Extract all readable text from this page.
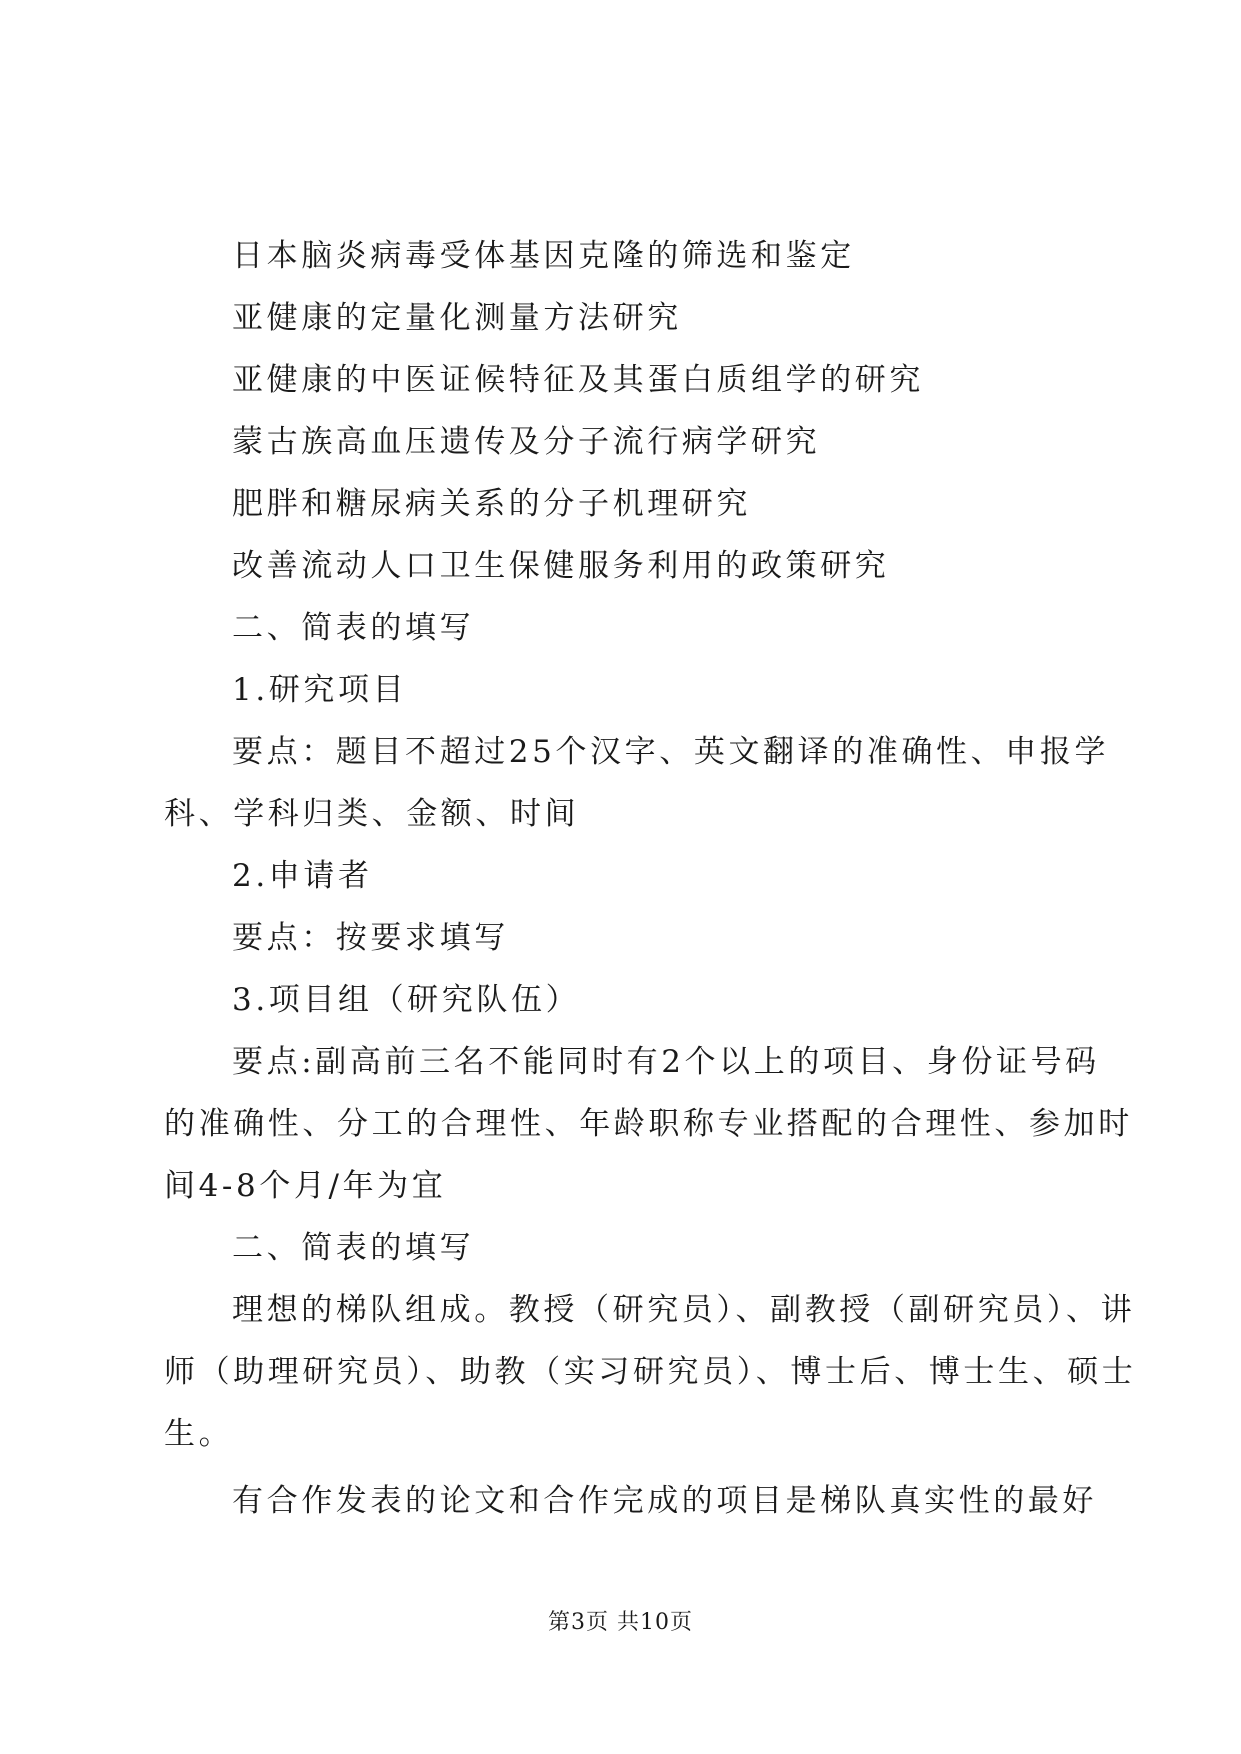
日本脑炎病毒受体基因克隆的筛选和鉴定
亚健康的定量化测量方法研究
亚健康的中医证候特征及其蛋白质组学的研究
蒙古族高血压遗传及分子流行病学研究
肥胖和糖尿病关系的分子机理研究
改善流动人口卫生保健服务利用的政策研究
二、简表的填写
1.研究项目
要点：题目不超过25个汉字、英文翻译的准确性、申报学
科、学科归类、金额、时间
2.申请者
要点：按要求填写
3.项目组（研究队伍）
要点:副高前三名不能同时有2个以上的项目、身份证号码
的准确性、分工的合理性、年龄职称专业搭配的合理性、参加时
间4-8个月/年为宜
二、简表的填写
理想的梯队组成。教授（研究员）、副教授（副研究员）、讲
师（助理研究员）、助教（实习研究员）、博士后、博士生、硕士
生。
有合作发表的论文和合作完成的项目是梯队真实性的最好
第3页 共10页
